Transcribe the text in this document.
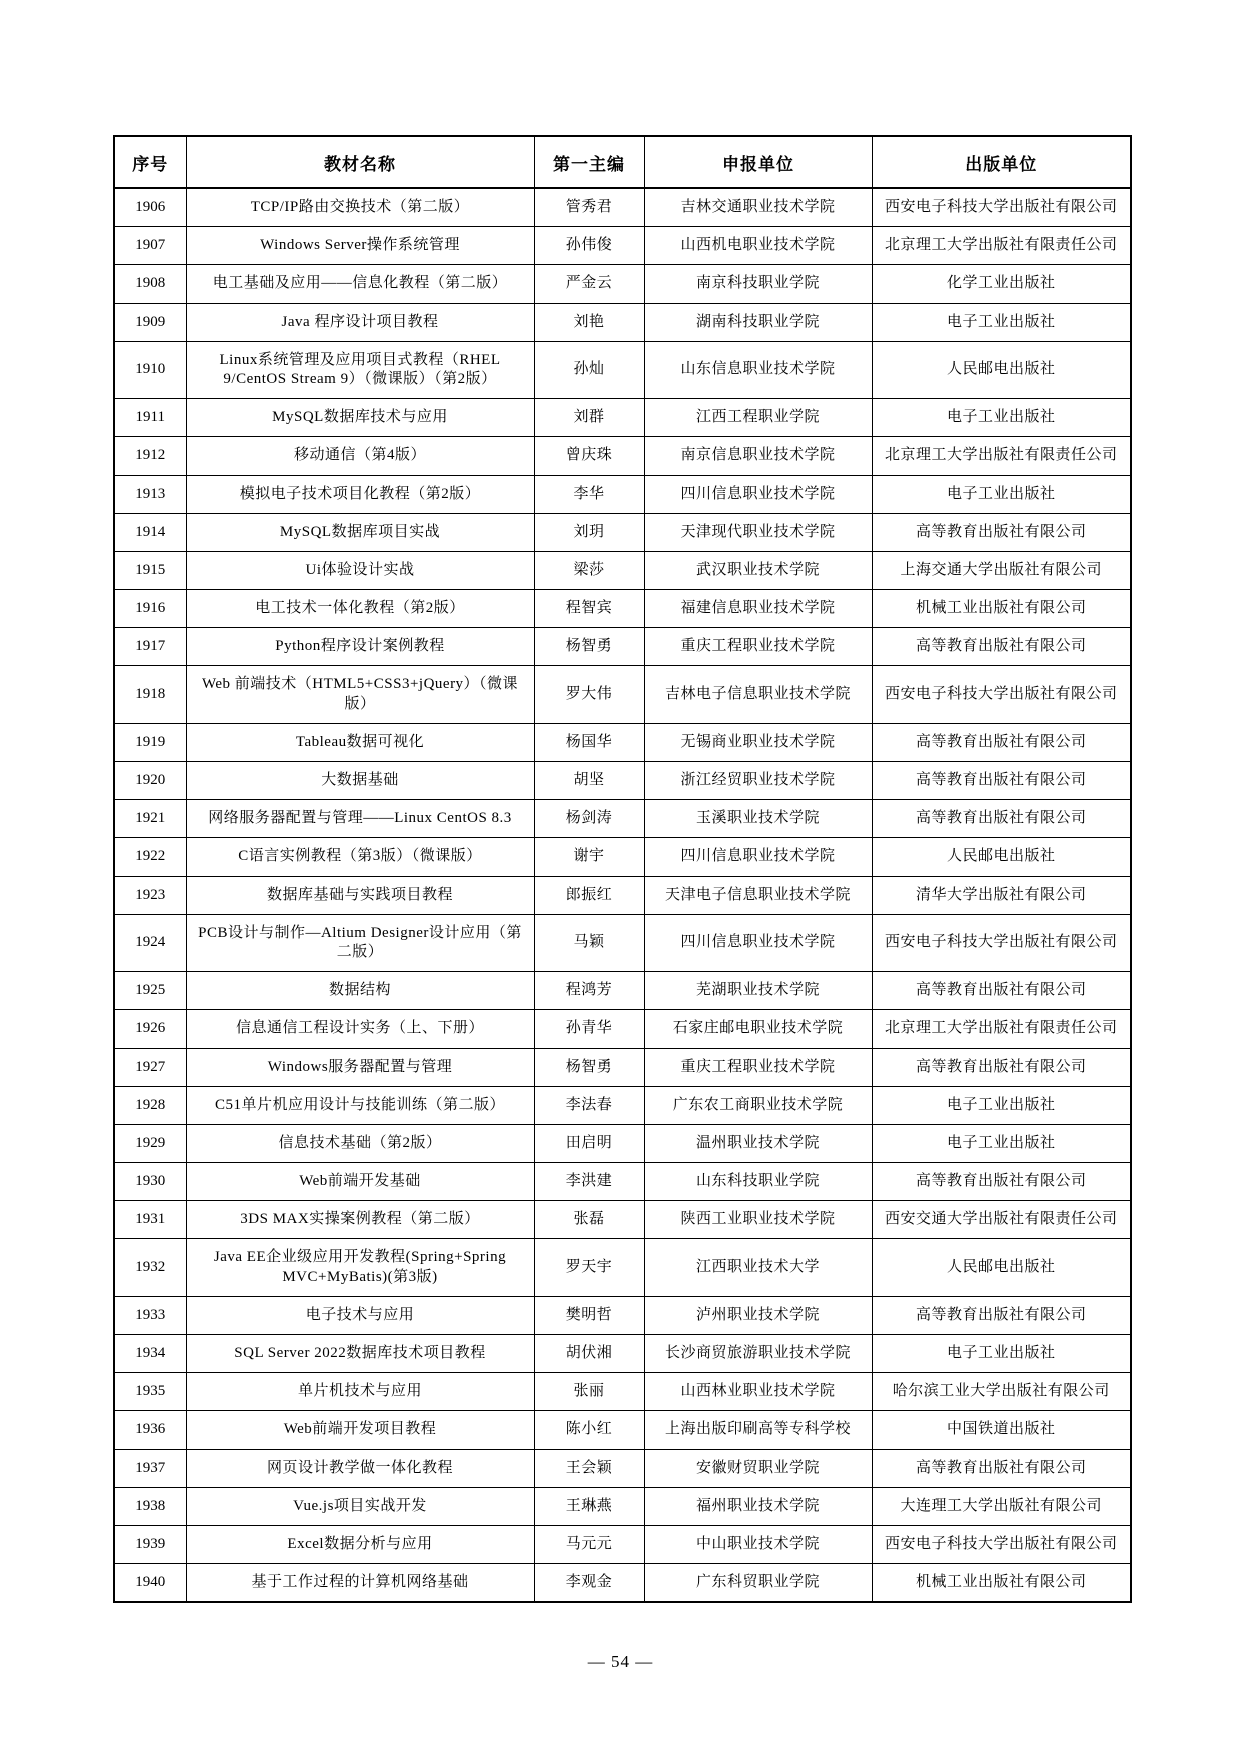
序号	教材名称	第一主编	申报单位	出版单位
1906	TCP/IP路由交换技术（第二版）	管秀君	吉林交通职业技术学院	西安电子科技大学出版社有限公司
1907	Windows Server操作系统管理	孙伟俊	山西机电职业技术学院	北京理工大学出版社有限责任公司
1908	电工基础及应用——信息化教程（第二版）	严金云	南京科技职业学院	化学工业出版社
1909	Java 程序设计项目教程	刘艳	湖南科技职业学院	电子工业出版社
1910	Linux系统管理及应用项目式教程（RHEL 9/CentOS Stream 9）（微课版）（第2版）	孙灿	山东信息职业技术学院	人民邮电出版社
1911	MySQL数据库技术与应用	刘群	江西工程职业学院	电子工业出版社
1912	移动通信（第4版）	曾庆珠	南京信息职业技术学院	北京理工大学出版社有限责任公司
1913	模拟电子技术项目化教程（第2版）	李华	四川信息职业技术学院	电子工业出版社
1914	MySQL数据库项目实战	刘玥	天津现代职业技术学院	高等教育出版社有限公司
1915	Ui体验设计实战	梁莎	武汉职业技术学院	上海交通大学出版社有限公司
1916	电工技术一体化教程（第2版）	程智宾	福建信息职业技术学院	机械工业出版社有限公司
1917	Python程序设计案例教程	杨智勇	重庆工程职业技术学院	高等教育出版社有限公司
1918	Web 前端技术（HTML5+CSS3+jQuery）（微课版）	罗大伟	吉林电子信息职业技术学院	西安电子科技大学出版社有限公司
1919	Tableau数据可视化	杨国华	无锡商业职业技术学院	高等教育出版社有限公司
1920	大数据基础	胡坚	浙江经贸职业技术学院	高等教育出版社有限公司
1921	网络服务器配置与管理——Linux CentOS 8.3	杨剑涛	玉溪职业技术学院	高等教育出版社有限公司
1922	C语言实例教程（第3版）（微课版）	谢宇	四川信息职业技术学院	人民邮电出版社
1923	数据库基础与实践项目教程	郎振红	天津电子信息职业技术学院	清华大学出版社有限公司
1924	PCB设计与制作—Altium Designer设计应用（第二版）	马颖	四川信息职业技术学院	西安电子科技大学出版社有限公司
1925	数据结构	程鸿芳	芜湖职业技术学院	高等教育出版社有限公司
1926	信息通信工程设计实务（上、下册）	孙青华	石家庄邮电职业技术学院	北京理工大学出版社有限责任公司
1927	Windows服务器配置与管理	杨智勇	重庆工程职业技术学院	高等教育出版社有限公司
1928	C51单片机应用设计与技能训练（第二版）	李法春	广东农工商职业技术学院	电子工业出版社
1929	信息技术基础（第2版）	田启明	温州职业技术学院	电子工业出版社
1930	Web前端开发基础	李洪建	山东科技职业学院	高等教育出版社有限公司
1931	3DS MAX实操案例教程（第二版）	张磊	陕西工业职业技术学院	西安交通大学出版社有限责任公司
1932	Java EE企业级应用开发教程(Spring+Spring MVC+MyBatis)(第3版)	罗天宇	江西职业技术大学	人民邮电出版社
1933	电子技术与应用	樊明哲	泸州职业技术学院	高等教育出版社有限公司
1934	SQL Server 2022数据库技术项目教程	胡伏湘	长沙商贸旅游职业技术学院	电子工业出版社
1935	单片机技术与应用	张丽	山西林业职业技术学院	哈尔滨工业大学出版社有限公司
1936	Web前端开发项目教程	陈小红	上海出版印刷高等专科学校	中国铁道出版社
1937	网页设计教学做一体化教程	王会颖	安徽财贸职业学院	高等教育出版社有限公司
1938	Vue.js项目实战开发	王琳燕	福州职业技术学院	大连理工大学出版社有限公司
1939	Excel数据分析与应用	马元元	中山职业技术学院	西安电子科技大学出版社有限公司
1940	基于工作过程的计算机网络基础	李观金	广东科贸职业学院	机械工业出版社有限公司
— 54 —
